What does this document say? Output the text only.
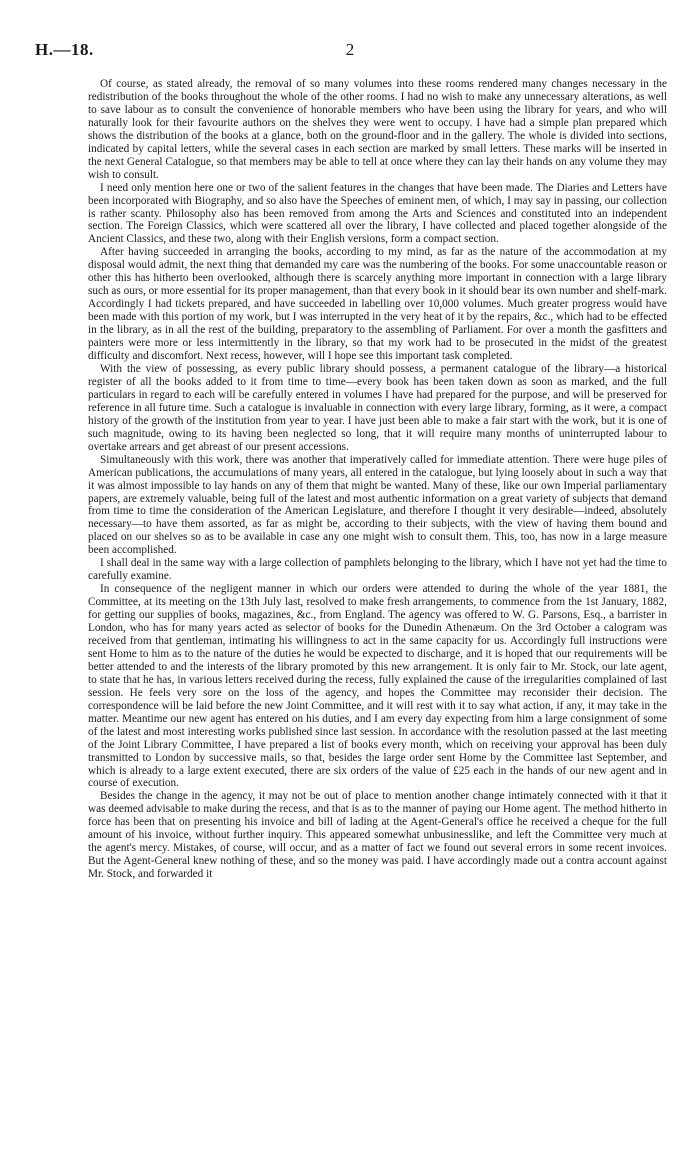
H.—18.	2

Of course, as stated already, the removal of so many volumes into these rooms rendered many changes necessary in the redistribution of the books throughout the whole of the other rooms. I had no wish to make any unnecessary alterations, as well to save labour as to consult the convenience of honorable members who have been using the library for years, and who will naturally look for their favourite authors on the shelves they were went to occupy. I have had a simple plan prepared which shows the distribution of the books at a glance, both on the ground-floor and in the gallery. The whole is divided into sections, indicated by capital letters, while the several cases in each section are marked by small letters. These marks will be inserted in the next General Catalogue, so that members may be able to tell at once where they can lay their hands on any volume they may wish to consult.

I need only mention here one or two of the salient features in the changes that have been made. The Diaries and Letters have been incorporated with Biography, and so also have the Speeches of eminent men, of which, I may say in passing, our collection is rather scanty. Philosophy also has been removed from among the Arts and Sciences and constituted into an independent section. The Foreign Classics, which were scattered all over the library, I have collected and placed together alongside of the Ancient Classics, and these two, along with their English versions, form a compact section.

After having succeeded in arranging the books, according to my mind, as far as the nature of the accommodation at my disposal would admit, the next thing that demanded my care was the numbering of the books. For some unaccountable reason or other this has hitherto been overlooked, although there is scarcely anything more important in connection with a large library such as ours, or more essential for its proper management, than that every book in it should bear its own number and shelf-mark. Accordingly I had tickets prepared, and have succeeded in labelling over 10,000 volumes. Much greater progress would have been made with this portion of my work, but I was interrupted in the very heat of it by the repairs, &c., which had to be effected in the library, as in all the rest of the building, preparatory to the assembling of Parliament. For over a month the gasfitters and painters were more or less intermittently in the library, so that my work had to be prosecuted in the midst of the greatest difficulty and discomfort. Next recess, however, will I hope see this important task completed.

With the view of possessing, as every public library should possess, a permanent catalogue of the library—a historical register of all the books added to it from time to time—every book has been taken down as soon as marked, and the full particulars in regard to each will be carefully entered in volumes I have had prepared for the purpose, and will be preserved for reference in all future time. Such a catalogue is invaluable in connection with every large library, forming, as it were, a compact history of the growth of the institution from year to year. I have just been able to make a fair start with the work, but it is one of such magnitude, owing to its having been neglected so long, that it will require many months of uninterrupted labour to overtake arrears and get abreast of our present accessions.

Simultaneously with this work, there was another that imperatively called for immediate attention. There were huge piles of American publications, the accumulations of many years, all entered in the catalogue, but lying loosely about in such a way that it was almost impossible to lay hands on any of them that might be wanted. Many of these, like our own Imperial parliamentary papers, are extremely valuable, being full of the latest and most authentic information on a great variety of subjects that demand from time to time the consideration of the American Legislature, and therefore I thought it very desirable—indeed, absolutely necessary—to have them assorted, as far as might be, according to their subjects, with the view of having them bound and placed on our shelves so as to be available in case any one might wish to consult them. This, too, has now in a large measure been accomplished.

I shall deal in the same way with a large collection of pamphlets belonging to the library, which I have not yet had the time to carefully examine.

In consequence of the negligent manner in which our orders were attended to during the whole of the year 1881, the Committee, at its meeting on the 13th July last, resolved to make fresh arrangements, to commence from the 1st January, 1882, for getting our supplies of books, magazines, &c., from England. The agency was offered to W. G. Parsons, Esq., a barrister in London, who has for many years acted as selector of books for the Dunedin Athenæum. On the 3rd October a calogram was received from that gentleman, intimating his willingness to act in the same capacity for us. Accordingly full instructions were sent Home to him as to the nature of the duties he would be expected to discharge, and it is hoped that our requirements will be better attended to and the interests of the library promoted by this new arrangement. It is only fair to Mr. Stock, our late agent, to state that he has, in various letters received during the recess, fully explained the cause of the irregularities complained of last session. He feels very sore on the loss of the agency, and hopes the Committee may reconsider their decision. The correspondence will be laid before the new Joint Committee, and it will rest with it to say what action, if any, it may take in the matter. Meantime our new agent has entered on his duties, and I am every day expecting from him a large consignment of some of the latest and most interesting works published since last session. In accordance with the resolution passed at the last meeting of the Joint Library Committee, I have prepared a list of books every month, which on receiving your approval has been duly transmitted to London by successive mails, so that, besides the large order sent Home by the Committee last September, and which is already to a large extent executed, there are six orders of the value of £25 each in the hands of our new agent and in course of execution.

Besides the change in the agency, it may not be out of place to mention another change intimately connected with it that it was deemed advisable to make during the recess, and that is as to the manner of paying our Home agent. The method hitherto in force has been that on presenting his invoice and bill of lading at the Agent-General's office he received a cheque for the full amount of his invoice, without further inquiry. This appeared somewhat unbusinesslike, and left the Committee very much at the agent's mercy. Mistakes, of course, will occur, and as a matter of fact we found out several errors in some recent invoices. But the Agent-General knew nothing of these, and so the money was paid. I have accordingly made out a contra account against Mr. Stock, and forwarded it
